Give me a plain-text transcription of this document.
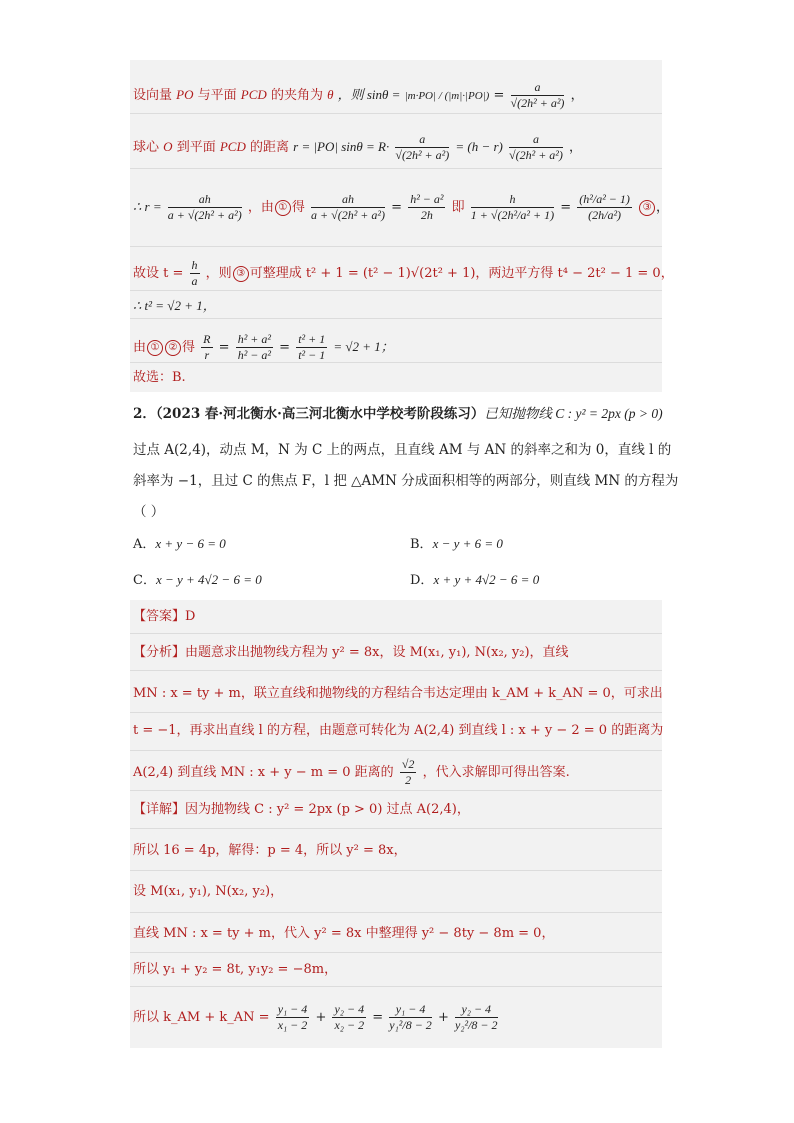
设向量 PO 与平面 PCD 的夹角为 θ ，则 $\sin\theta = |m\cdot PO| / (|m|\cdot|PO|) = \frac{a}{\text{√(2h² + a²)}}$ ，
球心 O 到平面 PCD 的距离 r = |PO| $\sin\theta = R\cdot \frac{a}{\text{√(2h² + a²)}} = (h - r) \frac{a}{\text{√(2h² + a²)}}$ ，
∴ $r = \frac{ah}{\text{a + √(2h² + a²)}}$ ，由 ① 得 $\frac{ah}{\text{a + √(2h² + a²)}} = \frac{\text{h² − a²}}{2h}$ 即 $\frac{h}{\text{1 + √(2h²/a² + 1)}} = \frac{\text{(h²/a² − 1)}}{\text{(2h/a²)}}$ ③ ，
故设 $t = \frac{h}{a}$ ，则 ③ 可整理成 t² + 1 = (t² − 1)√(2t² + 1)，两边平方得 t⁴ − 2t² − 1 = 0，
∴ t² = √2 + 1，
由 ① ② 得 $\frac{R}{r} = \frac{\text{h² + a²}}{\text{h² − a²}} = \frac{\text{t² + 1}}{\text{t² − 1}} = √2 + 1$；
故选：B.
2．（2023 春·河北衡水·高三河北衡水中学校考阶段练习）已知抛物线 C : y² = 2px (p > 0)
过点 A(2,4)，动点 M，N 为 C 上的两点，且直线 AM 与 AN 的斜率之和为 0，直线 l 的
斜率为 −1，且过 C 的焦点 F，l 把 △AMN 分成面积相等的两部分，则直线 MN 的方程为
（ ）
A．x + y − 6 = 0	B．x − y + 6 = 0
C．x − y + 4√2 − 6 = 0	D．x + y + 4√2 − 6 = 0
【答案】D
【分析】由题意求出抛物线方程为 y² = 8x，设 M(x₁, y₁), N(x₂, y₂)，直线
MN : x = ty + m，联立直线和抛物线的方程结合韦达定理由 k_AM + k_AN = 0，可求出
t = −1，再求出直线 l 的方程，由题意可转化为 A(2,4) 到直线 l : x + y − 2 = 0 的距离为
A(2,4) 到直线 MN : x + y − m = 0 距离的 $\frac{√2}{2}$ ，代入求解即可得出答案.
【详解】因为抛物线 C : y² = 2px (p > 0) 过点 A(2,4)，
所以 16 = 4p，解得：p = 4，所以 y² = 8x，
设 M(x₁, y₁), N(x₂, y₂)，
直线 MN : x = ty + m，代入 y² = 8x 中整理得 y² − 8ty − 8m = 0，
所以 y₁ + y₂ = 8t, y₁y₂ = −8m，
所以 k_AM + k_AN = $\frac{\text{y₁ − 4}}{\text{x₁ − 2}} + \frac{\text{y₂ − 4}}{\text{x₂ − 2}} = \frac{\text{y₁ − 4}}{\text{y₁²/8 − 2}} + \frac{\text{y₂ − 4}}{\text{y₂²/8 − 2}}$
